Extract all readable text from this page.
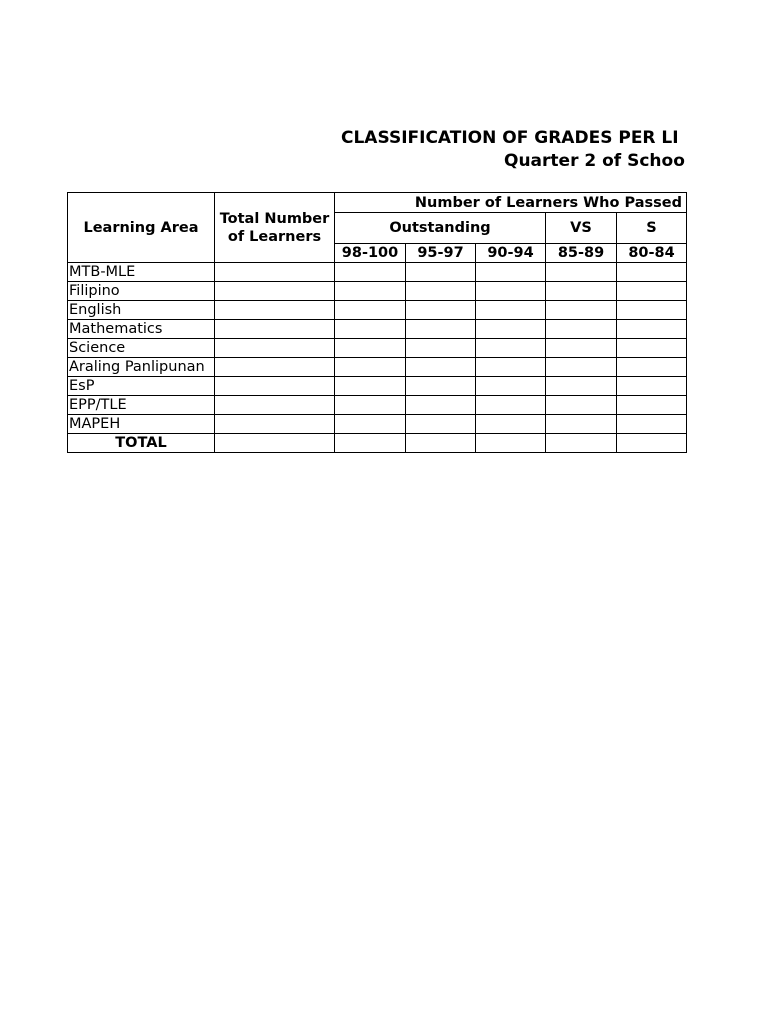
CLASSIFICATION OF GRADES PER LI
Quarter 2 of Schoo
Learning Area	Total Number of Learners	Number of Learners Who Passed				
		Outstanding			VS	S
		98-100	95-97	90-94	85-89	80-84
MTB-MLE						
Filipino						
English						
Mathematics						
Science						
Araling Panlipunan						
EsP						
EPP/TLE						
MAPEH						
TOTAL						
